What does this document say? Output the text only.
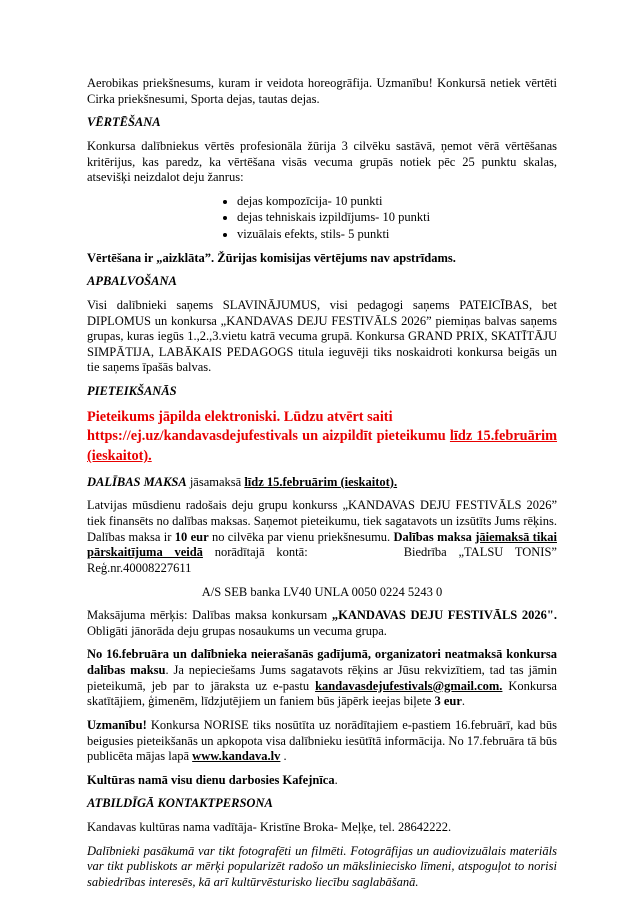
Aerobikas priekšnesums, kuram ir veidota horeogrāfija. Uzmanību! Konkursā netiek vērtēti Cirka priekšnesumi, Sporta dejas, tautas dejas.

VĒRTĒŠANA

Konkursa dalībniekus vērtēs profesionāla žūrija 3 cilvēku sastāvā, ņemot vērā vērtēšanas kritērijus, kas paredz, ka vērtēšana visās vecuma grupās notiek pēc 25 punktu skalas, atsevišķi neizdalot deju žanrus:

• dejas kompozīcija- 10 punkti
• dejas tehniskais izpildījums- 10 punkti
• vizuālais efekts, stils- 5 punkti

Vērtēšana ir „aizklāta”. Žūrijas komisijas vērtējums nav apstrīdams.

APBALVOŠANA

Visi dalībnieki saņems SLAVINĀJUMUS, visi pedagogi saņems PATEICĪBAS, bet DIPLOMUS un konkursa „KANDAVAS DEJU FESTIVĀLS 2026” piemiņas balvas saņems grupas, kuras iegūs 1.,2.,3.vietu katrā vecuma grupā. Konkursa GRAND PRIX, SKATĪTĀJU SIMPĀTIJA, LABĀKAIS PEDAGOGS titula ieguvēji tiks noskaidroti konkursa beigās un tie saņems īpašās balvas.

PIETEIKŠANĀS

Pieteikums jāpilda elektroniski. Lūdzu atvērt saiti
https://ej.uz/kandavasdejufestivals un aizpildīt pieteikumu līdz 15.februārim (ieskaitot).

DALĪBAS MAKSA jāsamaksā līdz 15.februārim (ieskaitot).

Latvijas mūsdienu radošais deju grupu konkurss „KANDAVAS DEJU FESTIVĀLS 2026” tiek finansēts no dalības maksas. Saņemot pieteikumu, tiek sagatavots un izsūtīts Jums rēķins. Dalības maksa ir 10 eur no cilvēka par vienu priekšnesumu. Dalības maksa jāiemaksā tikai pārskaitījuma veidā norādītajā kontā:	Biedrība „TALSU TONIS” Reģ.nr.40008227611

A/S SEB banka LV40 UNLA 0050 0224 5243 0

Maksājuma mērķis: Dalības maksa konkursam „KANDAVAS DEJU FESTIVĀLS 2026". Obligāti jānorāda deju grupas nosaukums un vecuma grupa.

No 16.februāra un dalībnieka neierašanās gadījumā, organizatori neatmaksā konkursa dalības maksu. Ja nepieciešams Jums sagatavots rēķins ar Jūsu rekvizītiem, tad tas jāmin pieteikumā, jeb par to jāraksta uz e-pastu kandavasdejufestivals@gmail.com. Konkursa skatītājiem, ģimenēm, līdzjutējiem un faniem būs jāpērk ieejas biļete 3 eur.

Uzmanību! Konkursa NORISE tiks nosūtīta uz norādītajiem e-pastiem 16.februārī, kad būs beigusies pieteikšanās un apkopota visa dalībnieku iesūtītā informācija. No 17.februāra tā būs publicēta mājas lapā www.kandava.lv .

Kultūras namā visu dienu darbosies Kafejnīca.

ATBILDĪGĀ KONTAKTPERSONA

Kandavas kultūras nama vadītāja- Kristīne Broka- Meļķe, tel. 28642222.

Dalībnieki pasākumā var tikt fotografēti un filmēti. Fotogrāfijas un audiovizuālais materiāls var tikt publiskots ar mērķi popularizēt radošo un māksliniecisko līmeni, atspoguļot to norisi sabiedrības interesēs, kā arī kultūrvēsturisko liecību saglabāšanā.
